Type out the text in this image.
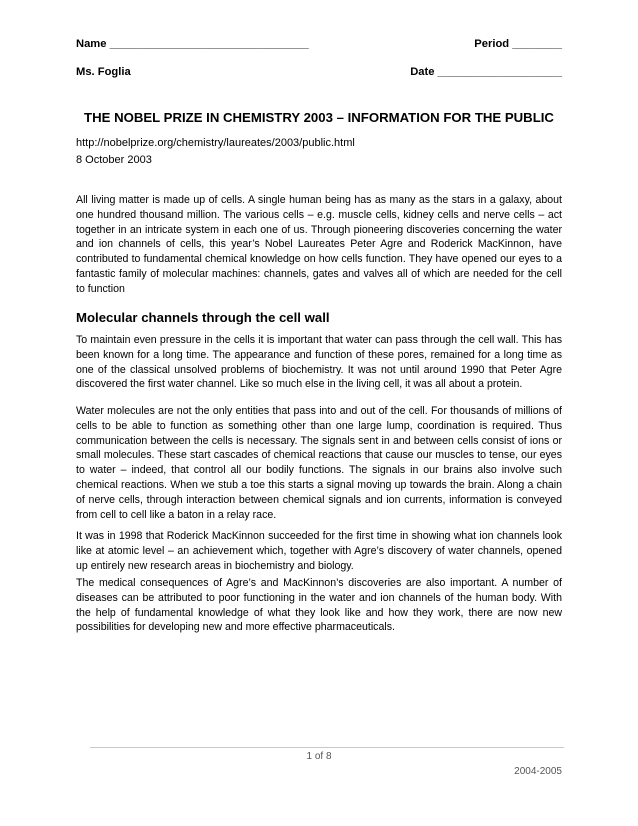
Name ________________________________	Period ________
Ms. Foglia	Date ____________________
THE NOBEL PRIZE IN CHEMISTRY 2003 – INFORMATION FOR THE PUBLIC
http://nobelprize.org/chemistry/laureates/2003/public.html
8 October 2003

All living matter is made up of cells. A single human being has as many as the stars in a galaxy, about one hundred thousand million. The various cells – e.g. muscle cells, kidney cells and nerve cells – act together in an intricate system in each one of us. Through pioneering discoveries concerning the water and ion channels of cells, this year’s Nobel Laureates Peter Agre and Roderick MacKinnon, have contributed to fundamental chemical knowledge on how cells function. They have opened our eyes to a fantastic family of molecular machines: channels, gates and valves all of which are needed for the cell to function

Molecular channels through the cell wall

To maintain even pressure in the cells it is important that water can pass through the cell wall. This has been known for a long time. The appearance and function of these pores, remained for a long time as one of the classical unsolved problems of biochemistry. It was not until around 1990 that Peter Agre discovered the first water channel. Like so much else in the living cell, it was all about a protein.

Water molecules are not the only entities that pass into and out of the cell. For thousands of millions of cells to be able to function as something other than one large lump, coordination is required. Thus communication between the cells is necessary. The signals sent in and between cells consist of ions or small molecules. These start cascades of chemical reactions that cause our muscles to tense, our eyes to water – indeed, that control all our bodily functions. The signals in our brains also involve such chemical reactions. When we stub a toe this starts a signal moving up towards the brain. Along a chain of nerve cells, through interaction between chemical signals and ion currents, information is conveyed from cell to cell like a baton in a relay race.

It was in 1998 that Roderick MacKinnon succeeded for the first time in showing what ion channels look like at atomic level – an achievement which, together with Agre’s discovery of water channels, opened up entirely new research areas in biochemistry and biology.

The medical consequences of Agre’s and MacKinnon’s discoveries are also important. A number of diseases can be attributed to poor functioning in the water and ion channels of the human body. With the help of fundamental knowledge of what they look like and how they work, there are now new possibilities for developing new and more effective pharmaceuticals.

1 of 8
2004-2005
